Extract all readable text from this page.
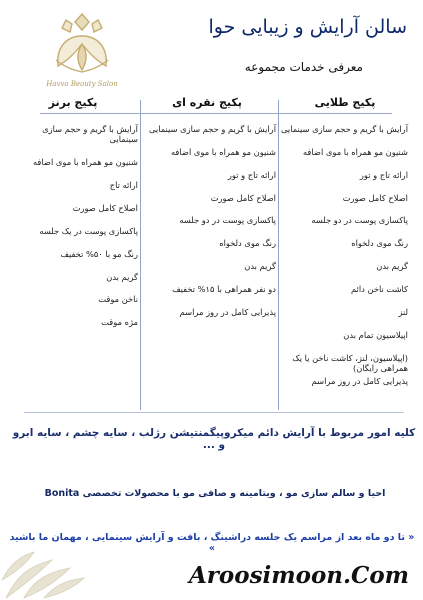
Havva Beauty Salon
سالن آرایش و زیبایی حوا
معرفی خدمات مجموعه
پکیج طلایی
پکیج نقره ای
پکیج برنز
آرایش با گریم و حجم سازی سینمایی
شنیون مو همراه با موی اضافه
ارائه تاج و تور
اصلاح کامل صورت
پاکسازی پوست در دو جلسه
رنگ موی دلخواه
گریم بدن
کاشت ناخن دائم
لنز
اپیلاسیون تمام بدن
(اپیلاسیون، لنز، کاشت ناخن یا یک همراهی رایگان)
پذیرایی کامل در روز مراسم
آرایش با گریم و حجم سازی سینمایی
شنیون مو همراه با موی اضافه
ارائه تاج و تور
اصلاح کامل صورت
پاکسازی پوست در دو جلسه
رنگ موی دلخواه
گریم بدن
دو نفر همراهی با ۱۵% تخفیف
پذیرایی کامل در روز مراسم
آرایش با گریم و حجم سازی سینمایی
شنیون مو همراه با موی اضافه
ارائه تاج
اصلاح کامل صورت
پاکسازی پوست در یک جلسه
رنگ مو با ۵۰% تخفیف
گریم بدن
ناخن موقت
مژه موقت
کلیه امور مربوط با آرایش دائم میکروپیگمنتیشن رژلب ، سایه چشم ، سایه ابرو و ...
احیا و سالم سازی مو ، ویتامینه و صافی مو با محصولات تخصصی Bonita
« تا دو ماه بعد از مراسم یک جلسه دراشینگ ، بافت و آرایش سینمایی ، مهمان ما باشید »
Aroosimoon.Com
